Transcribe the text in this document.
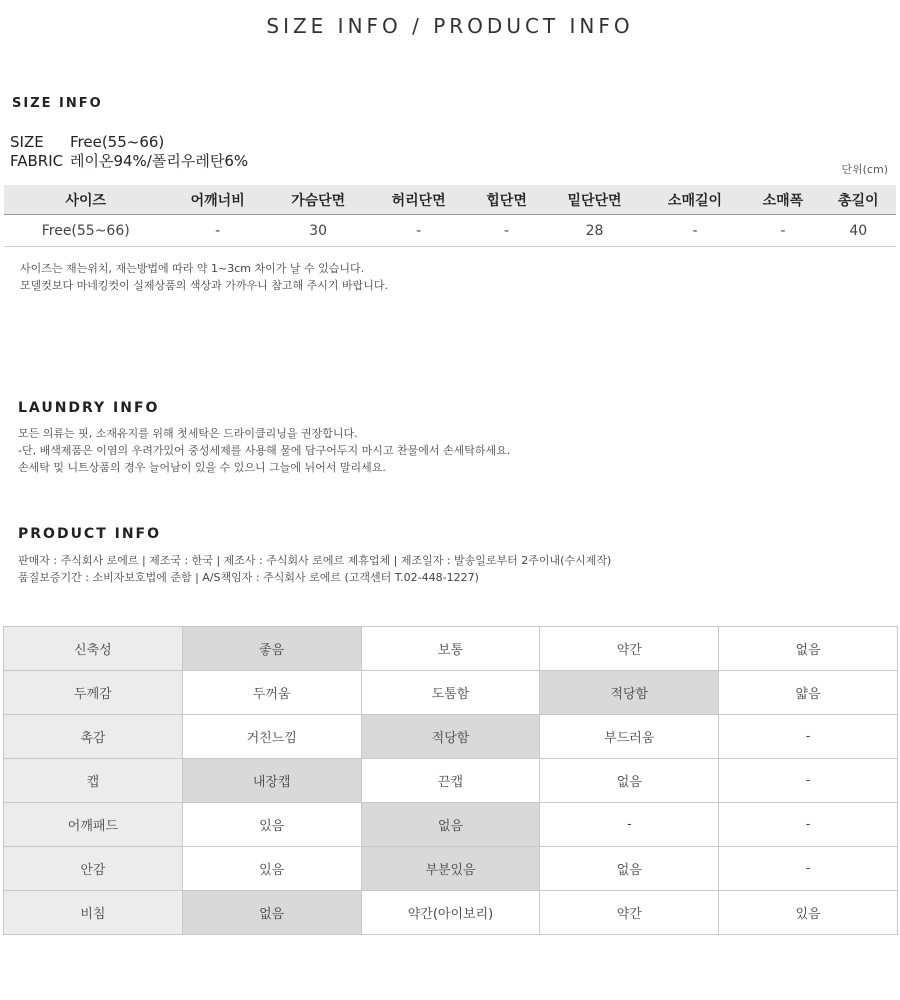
SIZE INFO / PRODUCT INFO
SIZE INFO
SIZE Free(55~66)
FABRIC 레이온94%/폴리우레탄6%	단위(cm)
사이즈	어깨너비	가슴단면	허리단면	힙단면	밑단단면	소매길이	소매폭	총길이
Free(55~66)	-	30	-	-	28	-	-	40
사이즈는 재는위치, 재는방법에 따라 약 1~3cm 차이가 날 수 있습니다.
모델컷보다 마네킹컷이 실제상품의 색상과 가까우니 참고해 주시기 바랍니다.
LAUNDRY INFO
모든 의류는 핏, 소재유지를 위해 첫세탁은 드라이클리닝을 권장합니다.
-단, 배색제품은 이염의 우려가있어 중성세제를 사용해 물에 담구어두지 마시고 찬물에서 손세탁하세요.
손세탁 및 니트상품의 경우 늘어남이 있을 수 있으니 그늘에 뉘어서 말리세요.
PRODUCT INFO
판매자 : 주식회사 로에르 | 제조국 : 한국 | 제조사 : 주식회사 로에르 제휴업체 | 제조일자 : 발송일로부터 2주이내(수시제작)
품질보증기간 : 소비자보호법에 준함 | A/S책임자 : 주식회사 로에르 (고객센터 T.02-448-1227)
신축성	좋음	보통	약간	없음
두께감	두꺼움	도톰함	적당함	얇음
촉감	거친느낌	적당함	부드러움	-
캡	내장캡	끈캡	없음	-
어깨패드	있음	없음	-	-
안감	있음	부분있음	없음	-
비침	없음	약간(아이보리)	약간	있음
